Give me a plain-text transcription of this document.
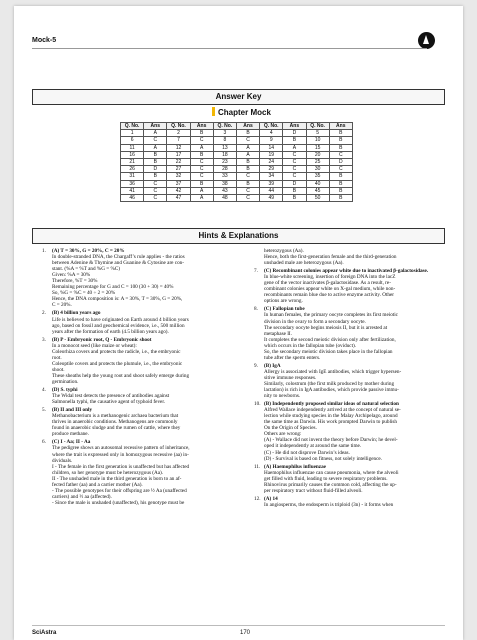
Mock-5
Answer Key
Chapter Mock
Q. No.	Ans	Q. No.	Ans	Q. No.	Ans	Q. No.	Ans	Q. No.	Ans
1	A	2	B	3	B	4	D	5	B
6	C	7	C	8	C	9	B	10	B
11	A	12	A	13	A	14	A	15	B
16	B	17	B	18	A	19	C	20	C
21	B	22	C	23	B	24	C	25	D
26	D	27	C	28	B	29	C	30	C
31	B	32	C	33	C	34	C	35	B
36	C	37	B	38	B	39	D	40	B
41	C	42	A	43	C	44	B	45	B
46	C	47	A	48	C	49	B	50	B
Hints & Explanations
1. (A) T = 30%, G = 20%, C = 20%
In double-stranded DNA, the Chargaff’s rule applies - the ratios
between Adenine & Thymine and Guanine & Cytosine are con-
stant. (%A = %T and %G = %C)
Given: %A = 30%
Therefore, %T = 30%
Remaining percentage for G and C = 100 (30 + 30) = 40%
So, %G = %C = 40 ÷ 2 = 20%
Hence, the DNA composition is: A = 30%, T = 30%, G = 20%,
C = 20%.
2. (B) 4 billion years ago
Life is believed to have originated on Earth around 4 billion years
ago, based on fossil and geochemical evidence, i.e., 500 million
years after the formation of earth (4.5 billion years ago).
3. (B) P - Embryonic root, Q - Embryonic shoot
In a monocot seed (like maize or wheat):
Coleorhiza covers and protects the radicle, i.e., the embryonic
root.
Coleoptile covers and protects the plumule, i.e., the embryonic
shoot.
These sheaths help the young root and shoot safely emerge during
germination.
4. (D) S. typhi
The Widal test detects the presence of antibodies against
Salmonella typhi, the causative agent of typhoid fever.
5. (B) II and III only
Methanobacterium is a methanogenic archaea bacterium that
thrives in anaerobic conditions. Methanogens are commonly
found in anaerobic sludge and the rumen of cattle, where they
produce methane.
6. (C) I - Aa; II - Aa
The pedigree shows an autosomal recessive pattern of inheritance,
where the trait is expressed only in homozygous recessive (aa) in-
dividuals.
I - The female in the first generation is unaffected but has affected
children, so her genotype must be heterozygous (Aa).
II - The unshaded male in the third generation is born to an af-
fected father (aa) and a carrier mother (Aa).
- The possible genotypes for their offspring are ½ Aa (unaffected
carriers) and ½ aa (affected).
- Since the male is unshaded (unaffected), his genotype must be
heterozygous (Aa).
Hence, both the first-generation female and the third-generation
unshaded male are heterozygous (Aa).
7. (C) Recombinant colonies appear white due to inactivated β-galactosidase.
In blue-white screening, insertion of foreign DNA into the lacZ
gene of the vector inactivates β-galactosidase. As a result, re-
combinant colonies appear white on X-gal medium, while non-
recombinants remain blue due to active enzyme activity. Other
options are wrong.
8. (C) Fallopian tube
In human females, the primary oocyte completes its first meiotic
division in the ovary to form a secondary oocyte.
The secondary oocyte begins meiosis II, but it is arrested at
metaphase II.
It completes the second meiotic division only after fertilization,
which occurs in the fallopian tube (oviduct).
So, the secondary meiotic division takes place in the fallopian
tube after the sperm enters.
9. (B) IgA
Allergy is associated with IgE antibodies, which trigger hypersen-
sitive immune responses.
Similarly, colostrum (the first milk produced by mother during
lactation) is rich in IgA antibodies, which provide passive immu-
nity to newborns.
10. (B) Independently proposed similar ideas of natural selection
Alfred Wallace independently arrived at the concept of natural se-
lection while studying species in the Malay Archipelago, around
the same time as Darwin. His work prompted Darwin to publish
On the Origin of Species.
Others are wrong:
(A) - Wallace did not invent the theory before Darwin; he devel-
oped it independently at around the same time.
(C) - He did not disprove Darwin’s ideas.
(D) - Survival is based on fitness, not solely intelligence.
11. (A) Haemophilus influenzae
Haemophilus influenzae can cause pneumonia, where the alveoli
get filled with fluid, leading to severe respiratory problems.
Rhinovirus primarily causes the common cold, affecting the up-
per respiratory tract without fluid-filled alveoli.
12. (A) 14
In angiosperms, the endosperm is triploid (3n) - it forms when
SciAstra	170
